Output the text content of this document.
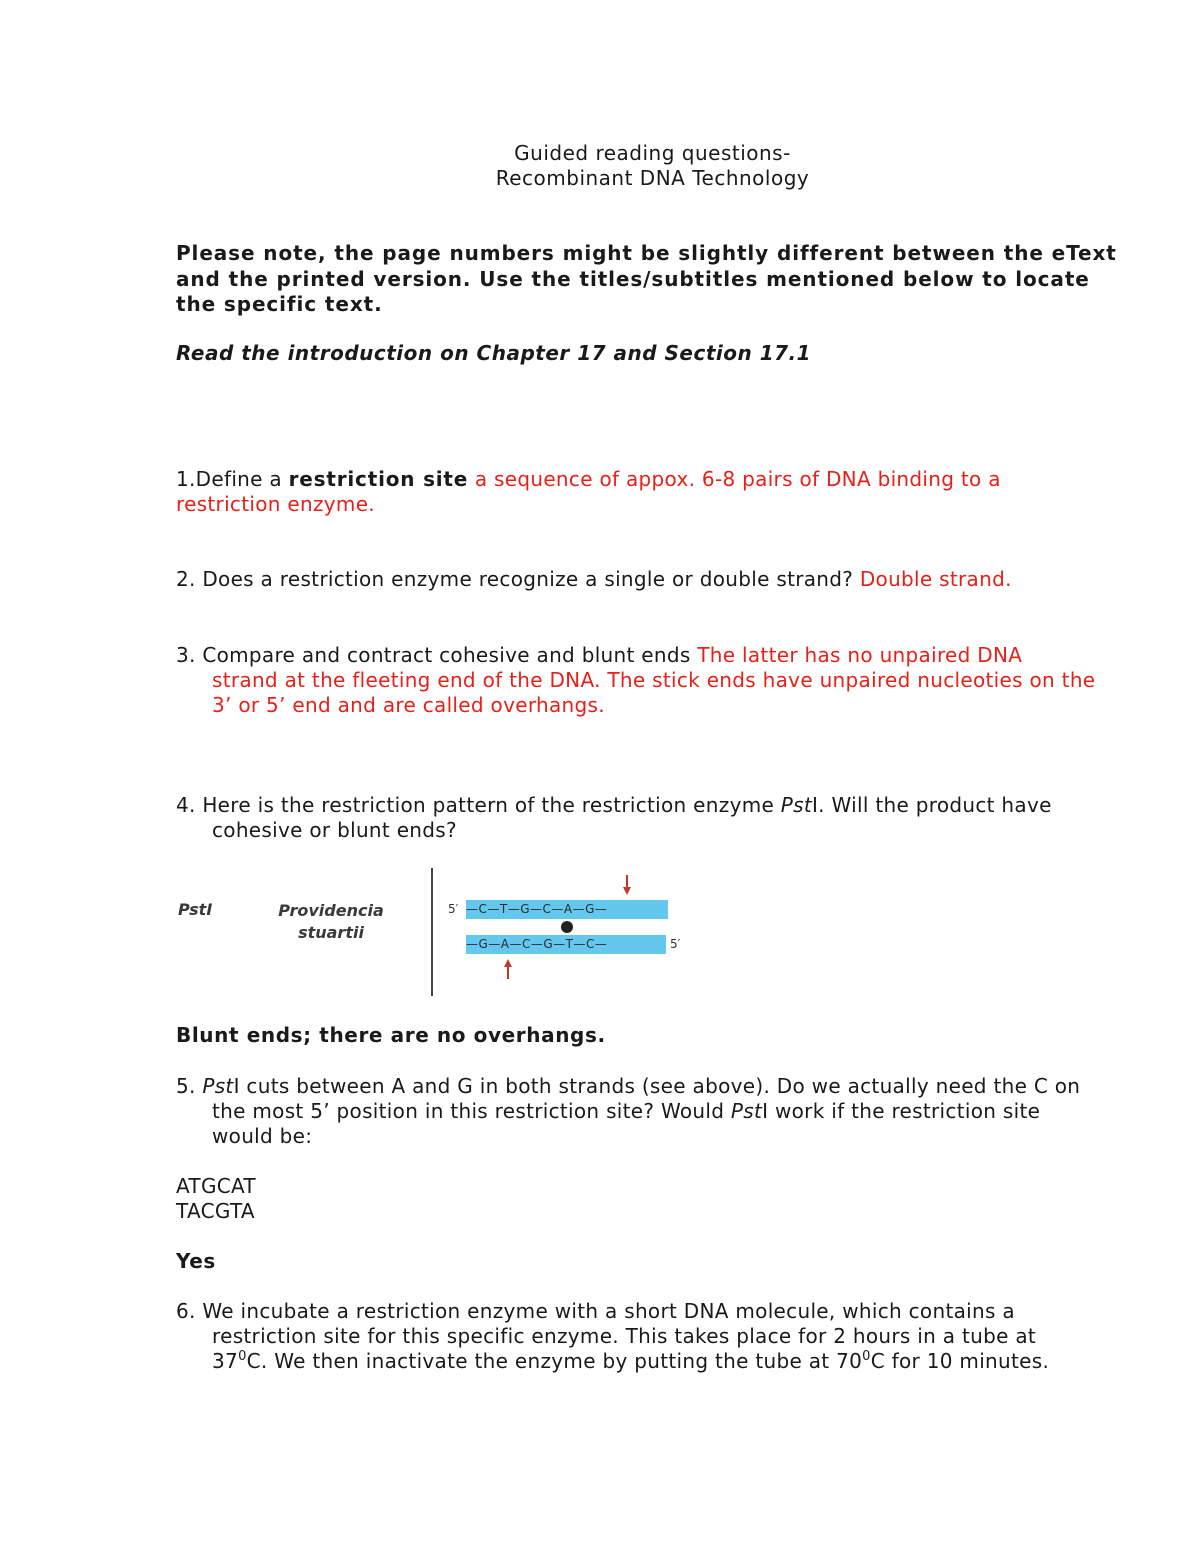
Guided reading questions-
Recombinant DNA Technology
Please note, the page numbers might be slightly different between the eText and the printed version. Use the titles/subtitles mentioned below to locate the specific text.
Read the introduction on Chapter 17 and Section 17.1
1.Define a restriction site a sequence of appox. 6-8 pairs of DNA binding to a
restriction enzyme.
2. Does a restriction enzyme recognize a single or double strand? Double strand.
3. Compare and contract cohesive and blunt ends The latter has no unpaired DNA
strand at the fleeting end of the DNA. The stick ends have unpaired nucleoties on the 3’ or 5’ end and are called overhangs.
4. Here is the restriction pattern of the restriction enzyme PstI. Will the product have
cohesive or blunt ends?
PstI	Providencia
stuartii
5′ —C—T—G—C—A—G—
—G—A—C—G—T—C—	5′
Blunt ends; there are no overhangs.
5. PstI cuts between A and G in both strands (see above). Do we actually need the C on
the most 5’ position in this restriction site? Would PstI work if the restriction site would be:
ATGCAT
TACGTA
Yes
6. We incubate a restriction enzyme with a short DNA molecule, which contains a
restriction site for this specific enzyme. This takes place for 2 hours in a tube at $37^0C$. We then inactivate the enzyme by putting the tube at $70^0C$ for 10 minutes.
